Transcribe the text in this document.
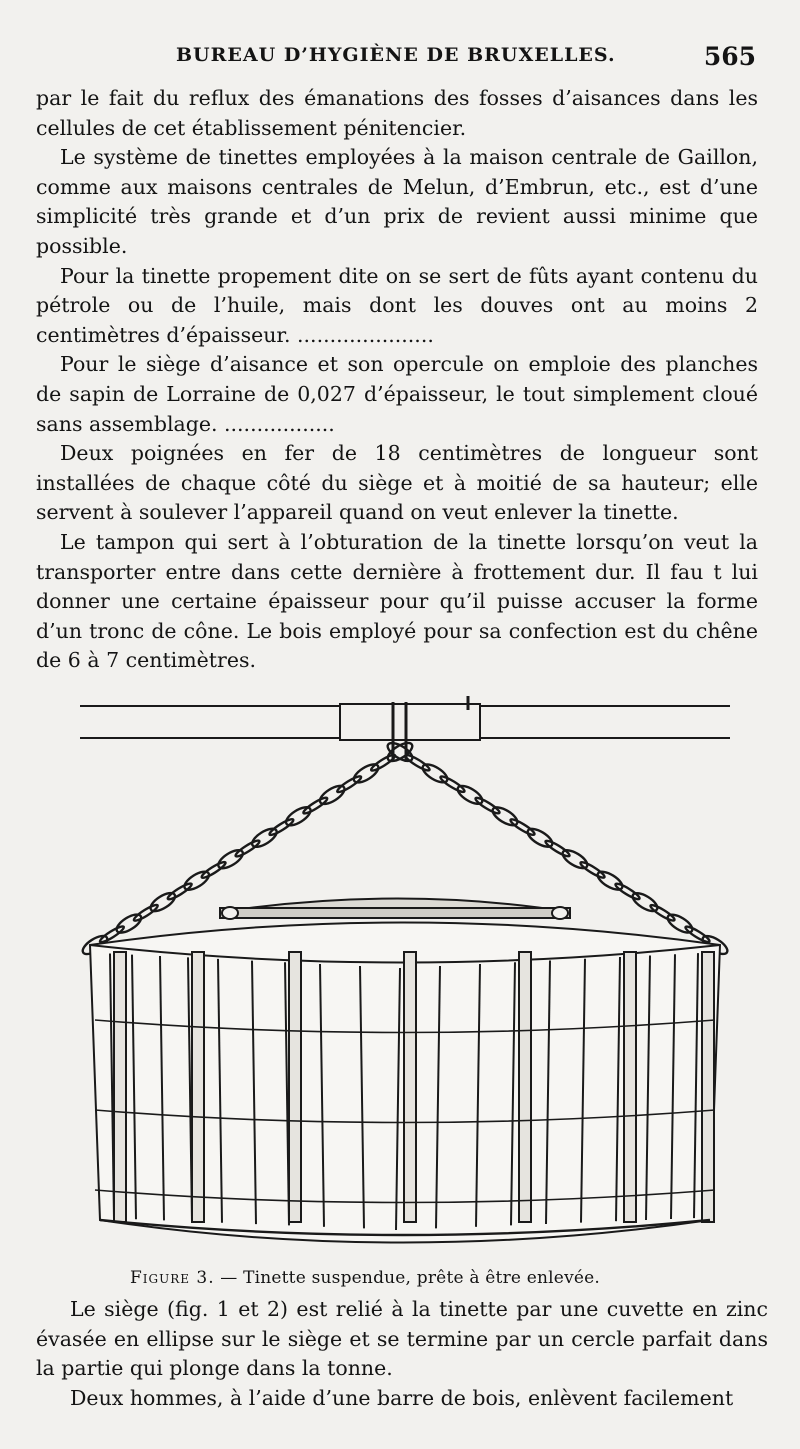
BUREAU D’HYGIÈNE DE BRUXELLES.	565

par le fait du reflux des émanations des fosses d’aisances dans les cellules de cet établissement pénitencier.

Le système de tinettes employées à la maison centrale de Gaillon, comme aux maisons centrales de Melun, d’Embrun, etc., est d’une simplicité très grande et d’un prix de revient aussi minime que possible.

Pour la tinette propement dite on se sert de fûts ayant contenu du pétrole ou de l’huile, mais dont les douves ont au moins 2 centimètres d’épaisseur. .....................

Pour le siège d’aisance et son opercule on emploie des planches de sapin de Lorraine de 0,027 d’épaisseur, le tout simplement cloué sans assemblage. .................

Deux poignées en fer de 18 centimètres de longueur sont installées de chaque côté du siège et à moitié de sa hauteur; elle servent à soulever l’appareil quand on veut enlever la tinette.

Le tampon qui sert à l’obturation de la tinette lorsqu’on veut la transporter entre dans cette dernière à frottement dur. Il fau t lui donner une certaine épaisseur pour qu’il puisse accuser la forme d’un tronc de cône. Le bois employé pour sa confection est du chêne de 6 à 7 centimètres.

Figure 3. — Tinette suspendue, prête à être enlevée.

Le siège (fig. 1 et 2) est relié à la tinette par une cuvette en zinc évasée en ellipse sur le siège et se termine par un cercle parfait dans la partie qui plonge dans la tonne.

Deux hommes, à l’aide d’une barre de bois, enlèvent facilement
